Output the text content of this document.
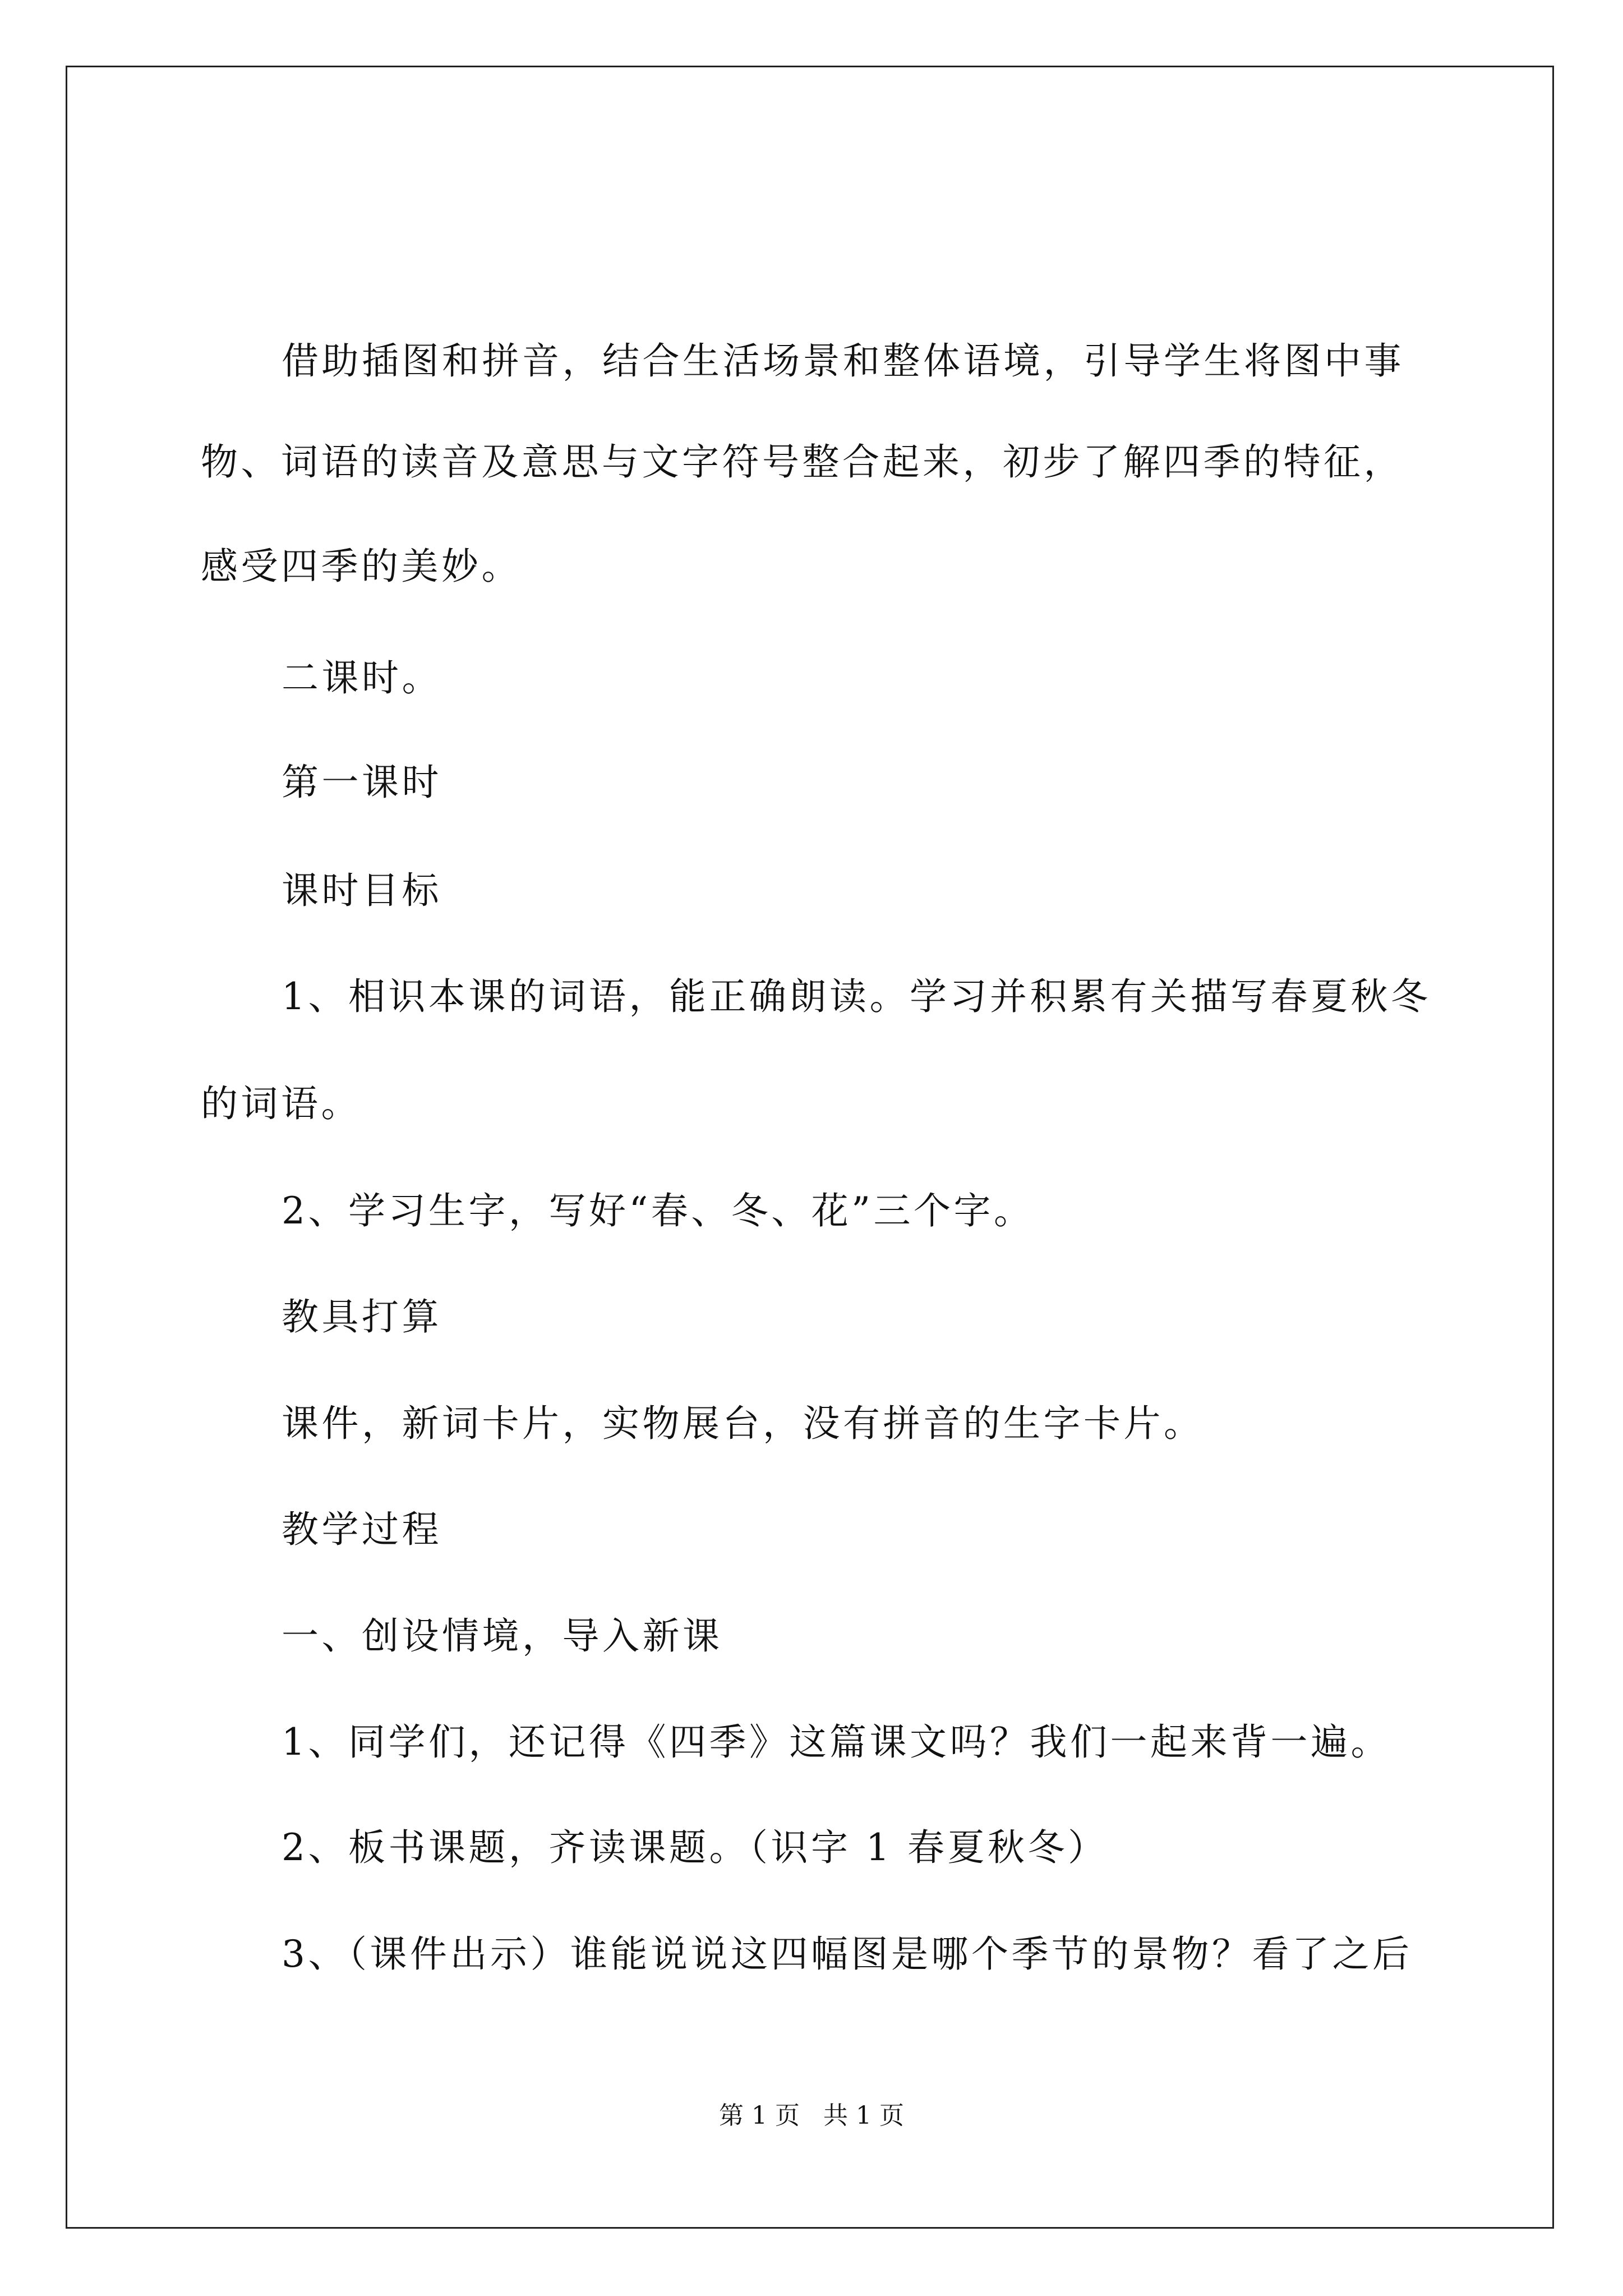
借助插图和拼音，结合生活场景和整体语境，引导学生将图中事
物、词语的读音及意思与文字符号整合起来，初步了解四季的特征，
感受四季的美妙。
二课时。
第一课时
课时目标
1、相识本课的词语，能正确朗读。学习并积累有关描写春夏秋冬
的词语。
2、学习生字，写好“春、冬、花”三个字。
教具打算
课件，新词卡片，实物展台，没有拼音的生字卡片。
教学过程
一、创设情境，导入新课
1、同学们，还记得《四季》这篇课文吗？我们一起来背一遍。
2、板书课题，齐读课题。（识字 1 春夏秋冬）
3、（课件出示）谁能说说这四幅图是哪个季节的景物？看了之后
第 1 页   共 1 页
